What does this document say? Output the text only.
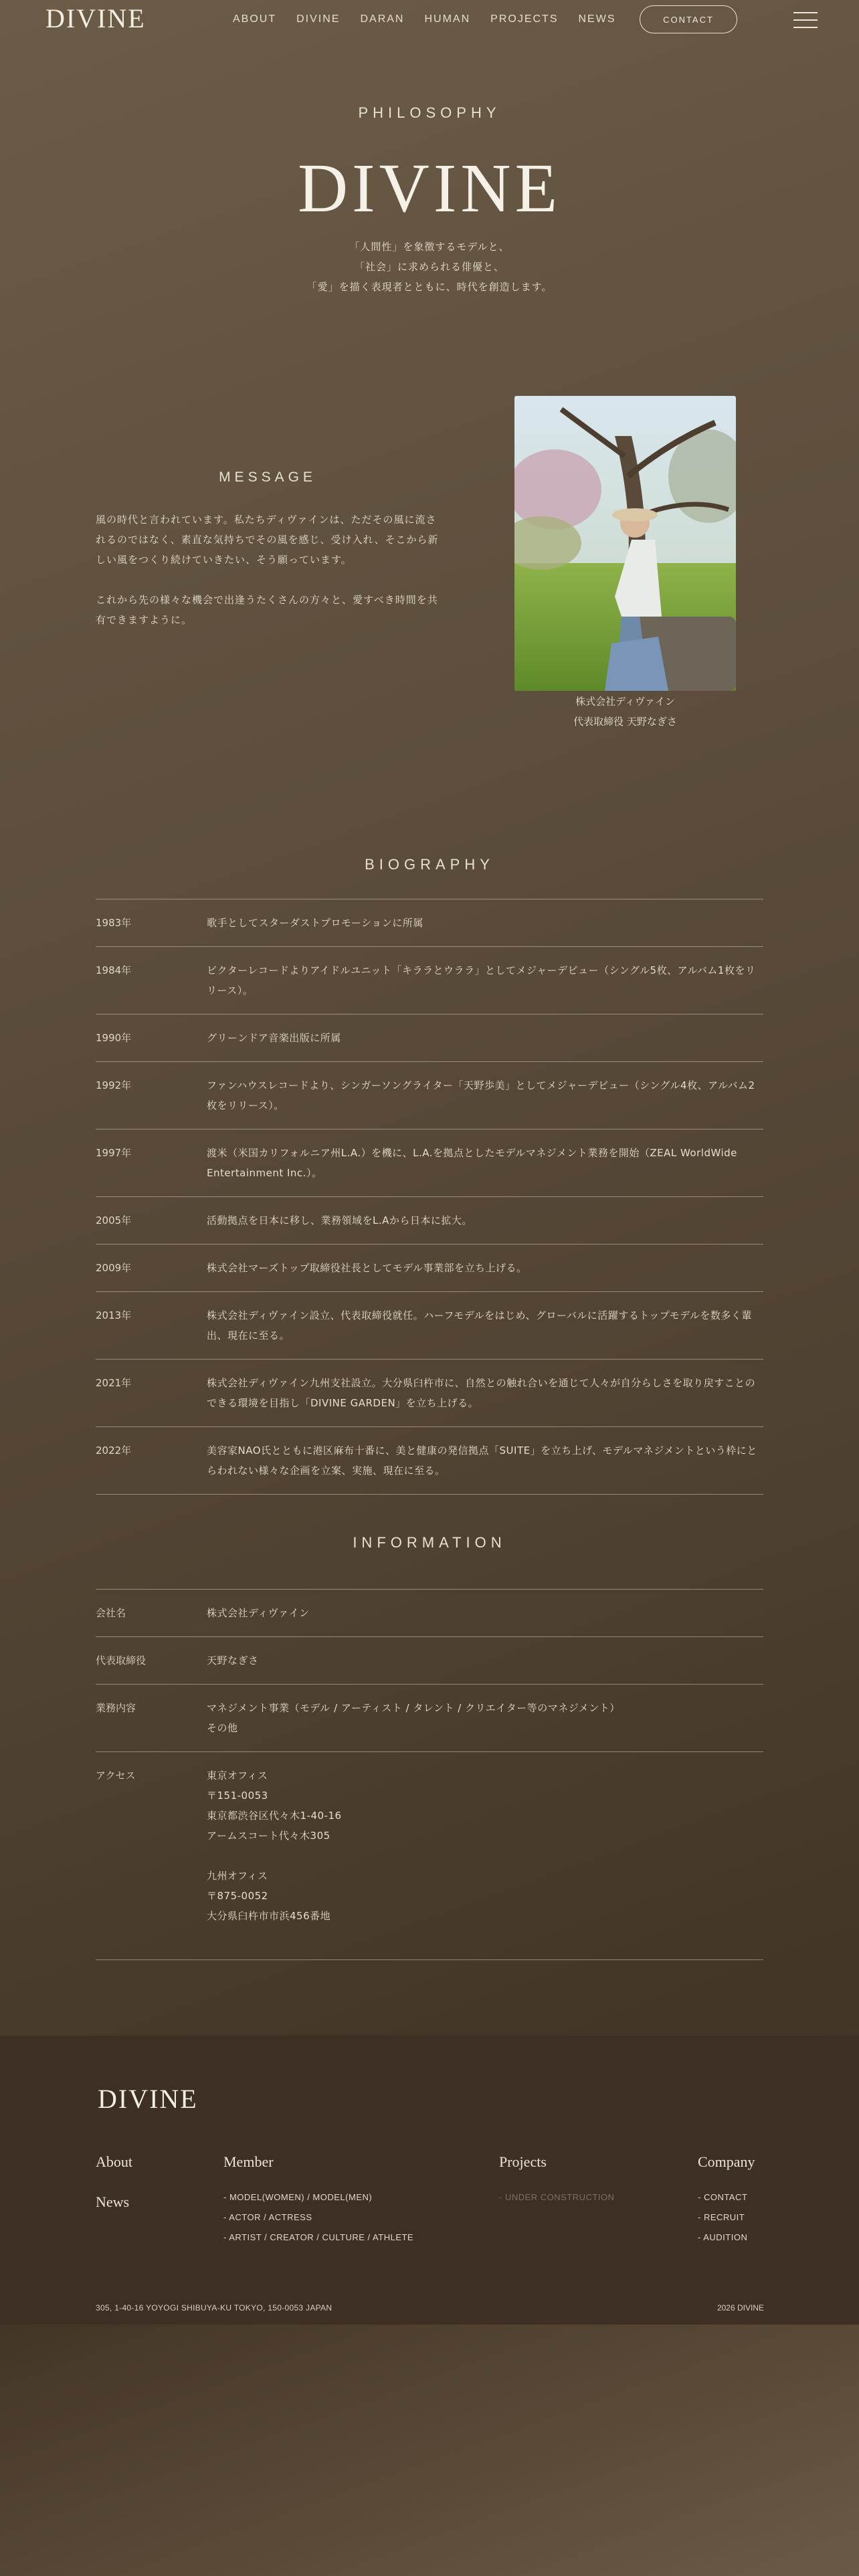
DIVINE	ABOUT DIVINE DARAN HUMAN PROJECTS NEWS	CONTACT
PHILOSOPHY
DIVINE
「人間性」を象徴するモデルと、
「社会」に求められる俳優と、
「愛」を描く表現者とともに、時代を創造します。
MESSAGE

風の時代と言われています。私たちディヴァインは、ただその風に流されるのではなく、素直な気持ちでその風を感じ、受け入れ、そこから新しい風をつくり続けていきたい、そう願っています。

これから先の様々な機会で出逢うたくさんの方々と、愛すべき時間を共有できますように。

株式会社ディヴァイン
代表取締役 天野なぎさ
BIOGRAPHY
1983年	歌手としてスターダストプロモーションに所属
1984年	ビクターレコードよりアイドルユニット「キララとウララ」としてメジャーデビュー（シングル5枚、アルバム1枚をリリース）。
1990年	グリーンドア音楽出版に所属
1992年	ファンハウスレコードより、シンガーソングライター「天野歩美」としてメジャーデビュー（シングル4枚、アルバム2枚をリリース）。
1997年	渡米（米国カリフォルニア州L.A.）を機に、L.A.を拠点としたモデルマネジメント業務を開始（ZEAL WorldWide Entertainment Inc.）。
2005年	活動拠点を日本に移し、業務領域をL.Aから日本に拡大。
2009年	株式会社マーズトップ取締役社長としてモデル事業部を立ち上げる。
2013年	株式会社ディヴァイン設立、代表取締役就任。ハーフモデルをはじめ、グローバルに活躍するトップモデルを数多く輩出、現在に至る。
2021年	株式会社ディヴァイン九州支社設立。大分県臼杵市に、自然との触れ合いを通じて人々が自分らしさを取り戻すことのできる環境を目指し「DIVINE GARDEN」を立ち上げる。
2022年	美容家NAO氏とともに港区麻布十番に、美と健康の発信拠点「SUITE」を立ち上げ、モデルマネジメントという枠にとらわれない様々な企画を立案、実施、現在に至る。
INFORMATION
会社名	株式会社ディヴァイン
代表取締役	天野なぎさ
業務内容	マネジメント事業（モデル / アーティスト / タレント / クリエイター等のマネジメント）
その他
アクセス	東京オフィス
〒151-0053
東京都渋谷区代々木1-40-16
アームスコート代々木305
九州オフィス
〒875-0052
大分県臼杵市市浜456番地
DIVINE
About
News
Member
- MODEL(WOMEN) / MODEL(MEN)
- ACTOR / ACTRESS
- ARTIST / CREATOR / CULTURE / ATHLETE
Projects
- UNDER CONSTRUCTION
Company
- CONTACT
- RECRUIT
- AUDITION
305, 1-40-16 YOYOGI SHIBUYA-KU TOKYO, 150-0053 JAPAN	2026 DIVINE
